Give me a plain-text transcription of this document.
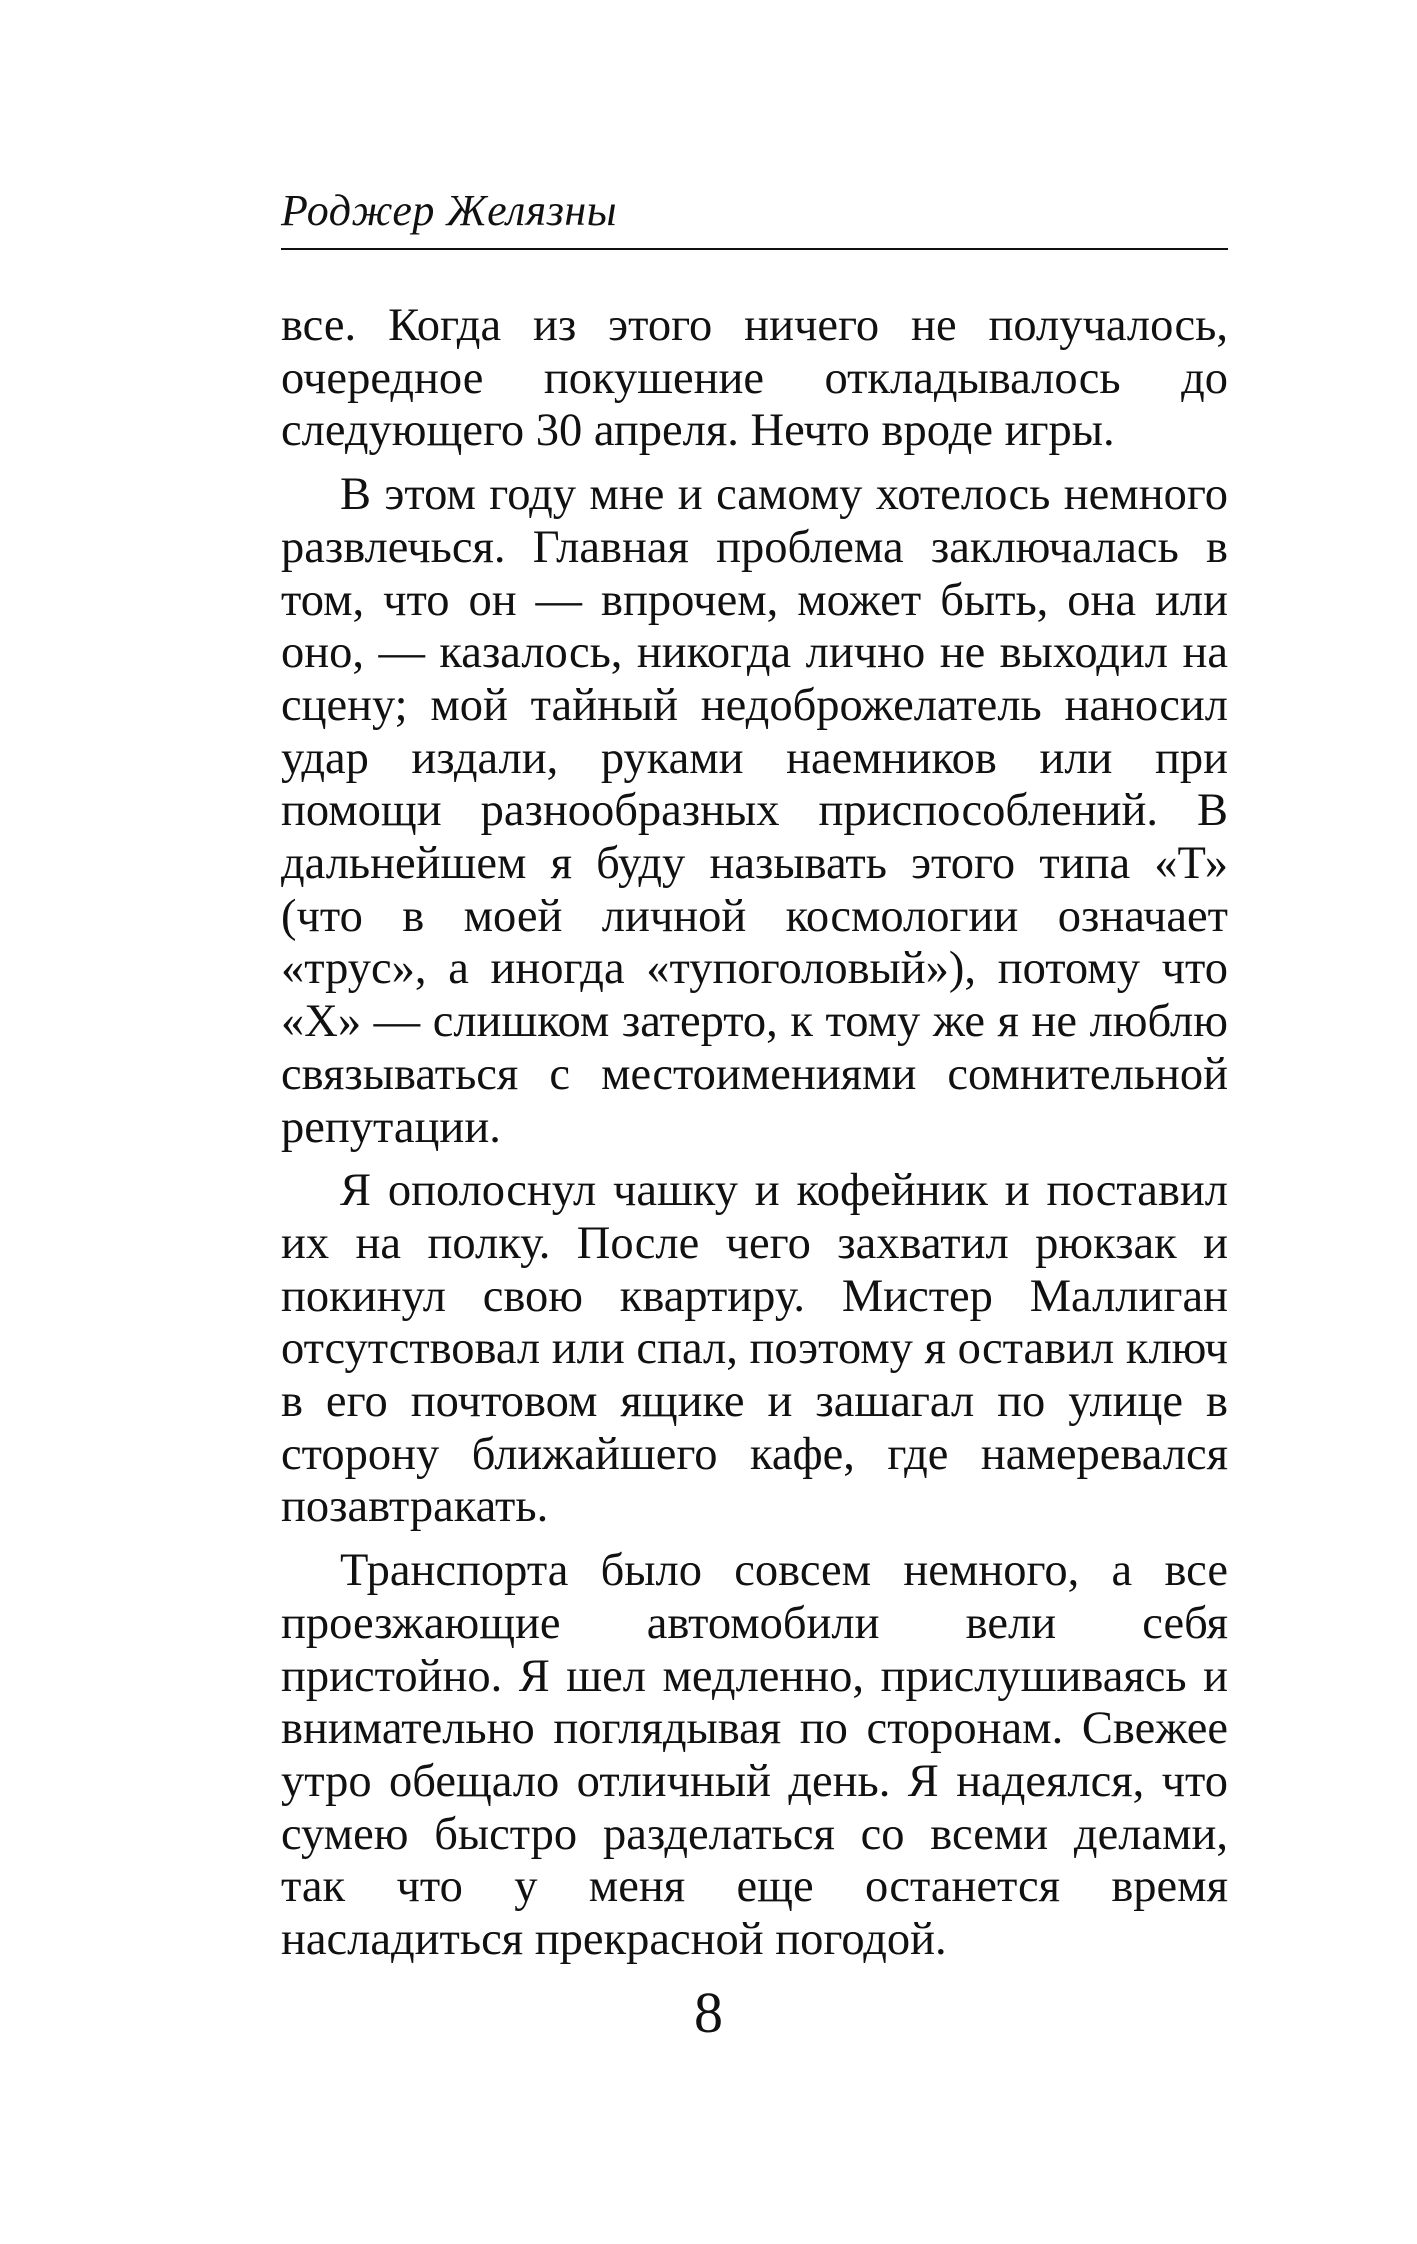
Роджер Желязны

все. Когда из этого ничего не получалось, очередное покушение откладывалось до следующего 30 апреля. Нечто вроде игры.

В этом году мне и самому хотелось немного развлечься. Главная проблема заключалась в том, что он — впрочем, может быть, она или оно, — казалось, никогда лично не выходил на сцену; мой тайный недоброжелатель наносил удар издали, руками наемников или при помощи разнообразных приспособлений. В дальнейшем я буду называть этого типа «Т» (что в моей личной космологии означает «трус», а иногда «тупоголовый»), потому что «Х» — слишком затерто, к тому же я не люблю связываться с местоимениями сомнительной репутации.

Я ополоснул чашку и кофейник и поставил их на полку. После чего захватил рюкзак и покинул свою квартиру. Мистер Маллиган отсутствовал или спал, поэтому я оставил ключ в его почтовом ящике и зашагал по улице в сторону ближайшего кафе, где намеревался позавтракать.

Транспорта было совсем немного, а все проезжающие автомобили вели себя пристойно. Я шел медленно, прислушиваясь и внимательно поглядывая по сторонам. Свежее утро обещало отличный день. Я надеялся, что сумею быстро разделаться со всеми делами, так что у меня еще останется время насладиться прекрасной погодой.

8
